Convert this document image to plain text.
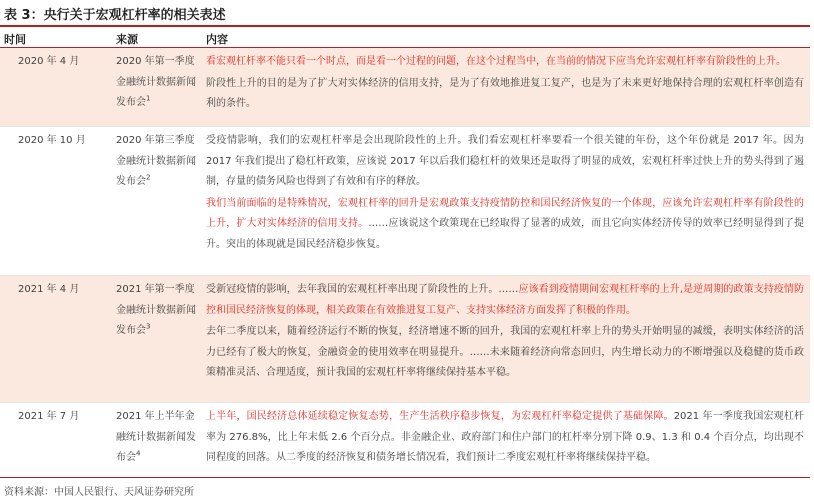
表 3：央行关于宏观杠杆率的相关表述
时间	来源	内容
2020 年 4 月	2020 年第一季度金融统计数据新闻发布会$^1$

看宏观杠杆率不能只看一个时点，而是看一个过程的问题，在这个过程当中，在当前的情况下应当允许宏观杠杆率有阶段性的上升。

阶段性上升的目的是为了扩大对实体经济的信用支持，是为了有效地推进复工复产，也是为了未来更好地保持合理的宏观杠杆率创造有利的条件。

2020 年 10 月	2020 年第三季度金融统计数据新闻发布会$^2$

受疫情影响，我们的宏观杠杆率是会出现阶段性的上升。我们看宏观杠杆率要看一个很关键的年份，这个年份就是 2017 年。因为 2017 年我们提出了稳杠杆政策，应该说 2017 年以后我们稳杠杆的效果还是取得了明显的成效，宏观杠杆率过快上升的势头得到了遏制，存量的债务风险也得到了有效和有序的释放。

我们当前面临的是特殊情况，宏观杠杆率的回升是宏观政策支持疫情防控和国民经济恢复的一个体现，应该允许宏观杠杆率有阶段性的上升，扩大对实体经济的信用支持。……应该说这个政策现在已经取得了显著的成效，而且它向实体经济传导的效率已经明显得到了提升。突出的体现就是国民经济稳步恢复。

2021 年 4 月	2021 年第一季度金融统计数据新闻发布会$^3$

受新冠疫情的影响，去年我国的宏观杠杆率出现了阶段性的上升。……应该看到疫情期间宏观杠杆率的上升,是逆周期的政策支持疫情防控和国民经济恢复的体现，相关政策在有效推进复工复产、支持实体经济方面发挥了积极的作用。

去年二季度以来，随着经济运行不断的恢复，经济增速不断的回升，我国的宏观杠杆率上升的势头开始明显的减缓，表明实体经济的活力已经有了极大的恢复，金融资金的使用效率在明显提升。……未来随着经济向常态回归，内生增长动力的不断增强以及稳健的货币政策精准灵活、合理适度，预计我国的宏观杠杆率将继续保持基本平稳。

2021 年 7 月	2021 年上半年金融统计数据新闻发布会$^4$

上半年，国民经济总体延续稳定恢复态势，生产生活秩序稳步恢复，为宏观杠杆率稳定提供了基础保障。2021 年一季度我国宏观杠杆率为 276.8%，比上年末低 2.6 个百分点。非金融企业、政府部门和住户部门的杠杆率分别下降 0.9、1.3 和 0.4 个百分点，均出现不同程度的回落。从二季度的经济恢复和债务增长情况看，我们预计二季度宏观杠杆率将继续保持平稳。

资料来源：中国人民银行、天风证券研究所
